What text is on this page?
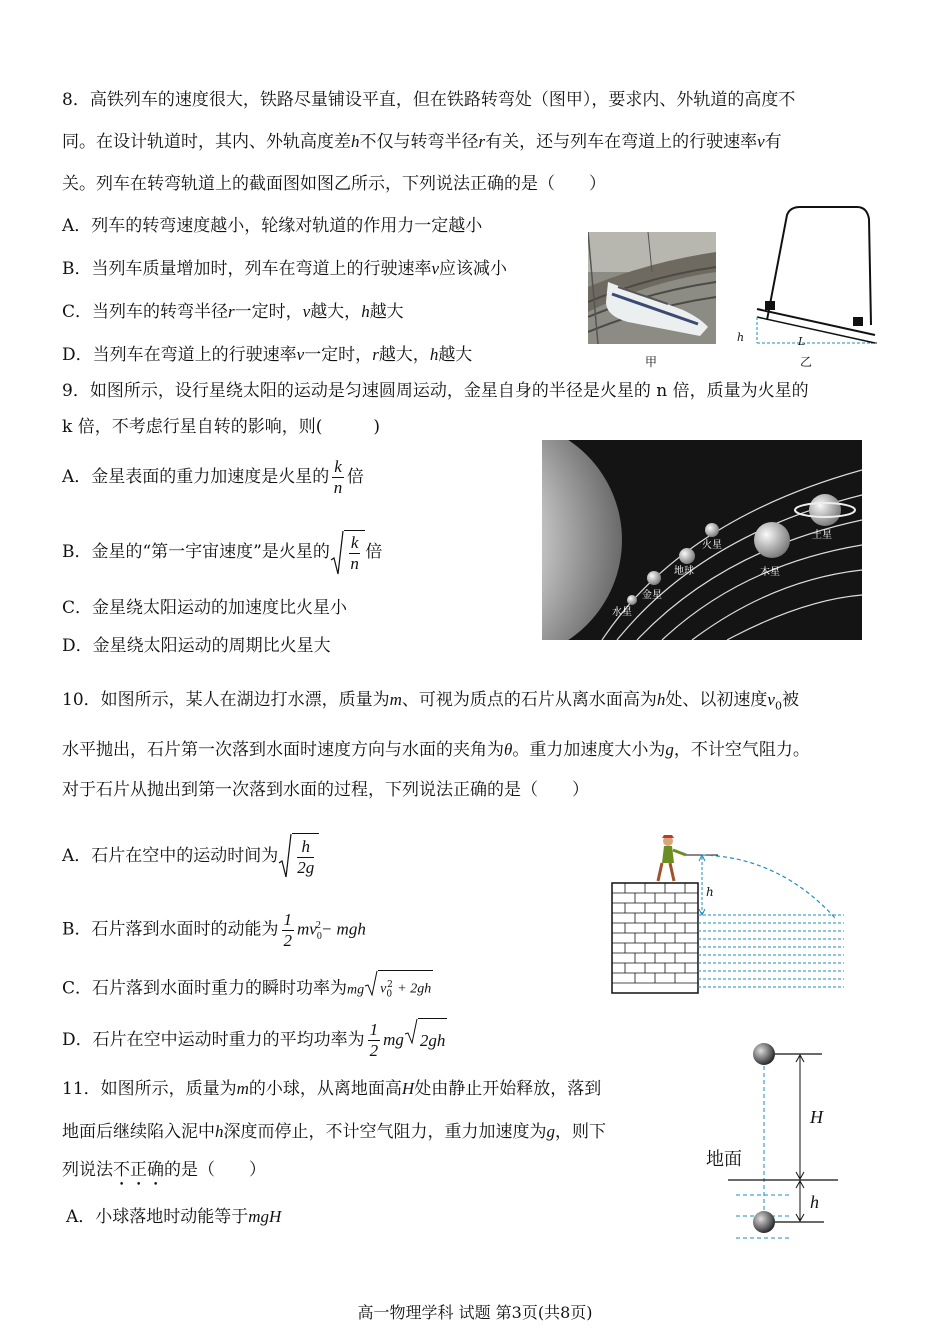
8．高铁列车的速度很大，铁路尽量铺设平直，但在铁路转弯处（图甲），要求内、外轨道的高度不
同。在设计轨道时，其内、外轨高度差h不仅与转弯半径r有关，还与列车在弯道上的行驶速率v有
关。列车在转弯轨道上的截面图如图乙所示，下列说法正确的是（　　）
A．列车的转弯速度越小，轮缘对轨道的作用力一定越小
B．当列车质量增加时，列车在弯道上的行驶速率v应该减小
C．当列车的转弯半径r一定时，v越大，h越大
D．当列车在弯道上的行驶速率v一定时，r越大，h越大	甲
h	L
乙
9．如图所示，设行星绕太阳的运动是匀速圆周运动，金星自身的半径是火星的 n 倍，质量为火星的
k 倍，不考虑行星自转的影响，则(　　　)
A．金星表面的重力加速度是火星的 $\frac{k}{n}$ 倍
B．金星的“第一宇宙速度”是火星的 $\frac{k}{n}$ 倍
C．金星绕太阳运动的加速度比火星小
D．金星绕太阳运动的周期比火星大
火星
地球
金星
水星
木星
土星
10．如图所示，某人在湖边打水漂，质量为m、可视为质点的石片从离水面高为h处、以初速度$v_0$被
水平抛出，石片第一次落到水面时速度方向与水面的夹角为θ。重力加速度大小为g，不计空气阻力。
对于石片从抛出到第一次落到水面的过程，下列说法正确的是（　　）
A．石片在空中的运动时间为 $\frac{h}{2g}$
B．石片落到水面时的动能为 $\frac{1}{2} mv_0^2-$ mgh
C．石片落到水面时重力的瞬时功率为mg $v_0^2 + 2gh$
D．石片在空中运动时重力的平均功率为 $\frac{1}{2}$ mg 2gh
h
11．如图所示，质量为m的小球，从离地面高H处由静止开始释放，落到
地面后继续陷入泥中h深度而停止，不计空气阻力，重力加速度为g，则下
列说法不正确的是（　　）
A．小球落地时动能等于mgH
地面
H
h
高一物理学科 试题 第3页(共8页)
